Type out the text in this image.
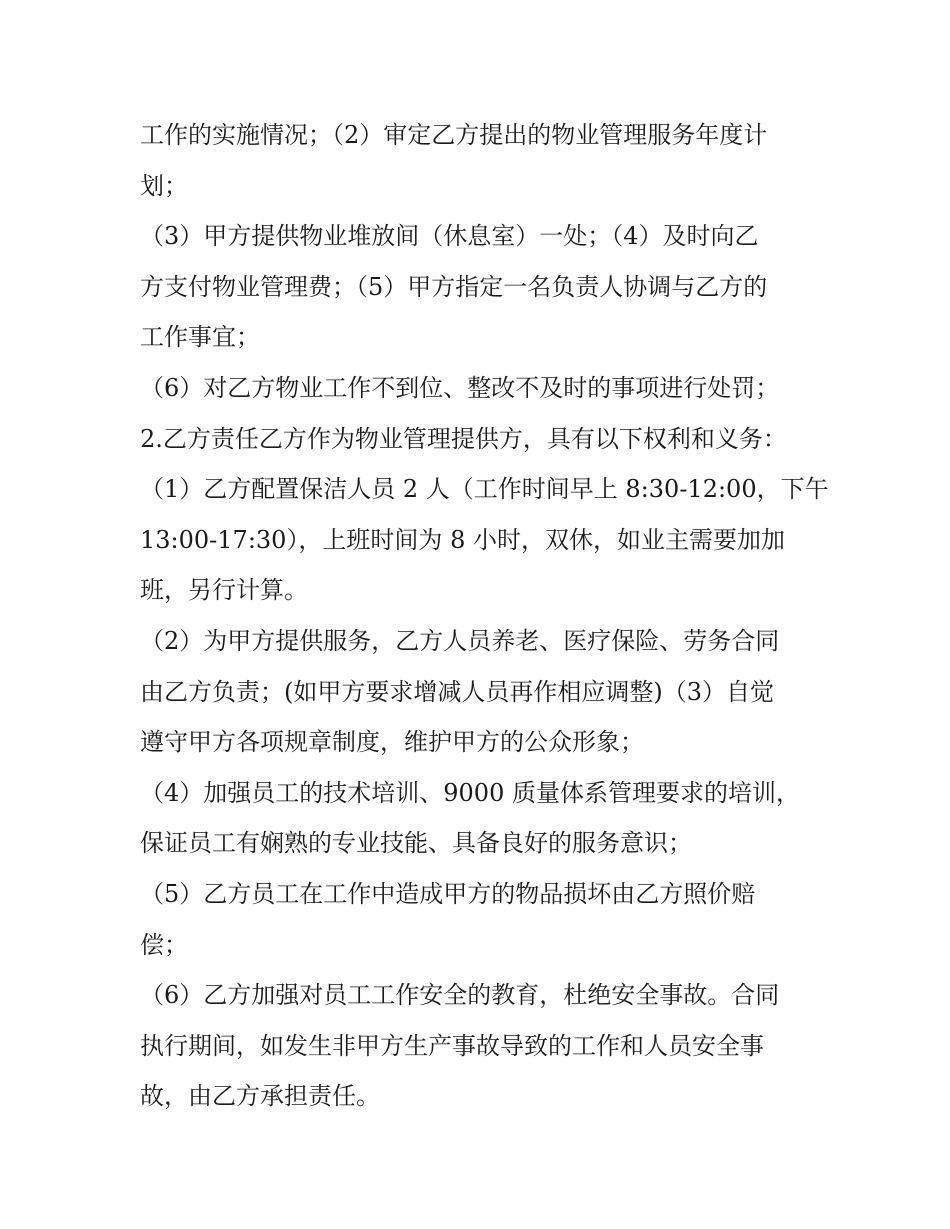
工作的实施情况；（2）审定乙方提出的物业管理服务年度计
划；
（3）甲方提供物业堆放间（休息室）一处；（4）及时向乙
方支付物业管理费；（5）甲方指定一名负责人协调与乙方的
工作事宜；
（6）对乙方物业工作不到位、整改不及时的事项进行处罚；
2.乙方责任乙方作为物业管理提供方，具有以下权利和义务：
（1）乙方配置保洁人员 2 人（工作时间早上 8:30-12:00，下午
13:00-17:30），上班时间为 8 小时，双休，如业主需要加加
班，另行计算。
（2）为甲方提供服务，乙方人员养老、医疗保险、劳务合同
由乙方负责；(如甲方要求增减人员再作相应调整)（3）自觉
遵守甲方各项规章制度，维护甲方的公众形象；
（4）加强员工的技术培训、9000 质量体系管理要求的培训，
保证员工有娴熟的专业技能、具备良好的服务意识；
（5）乙方员工在工作中造成甲方的物品损坏由乙方照价赔
偿；
（6）乙方加强对员工工作安全的教育，杜绝安全事故。合同
执行期间，如发生非甲方生产事故导致的工作和人员安全事
故，由乙方承担责任。
